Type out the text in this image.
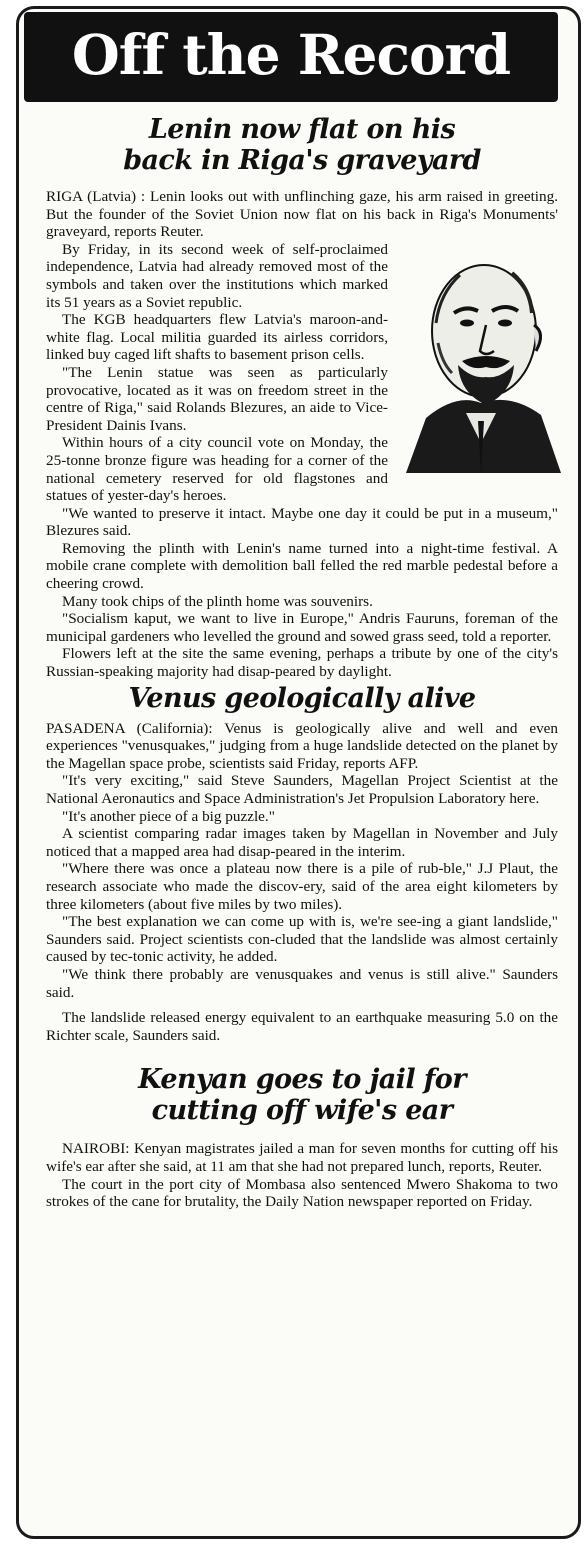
Off the Record
Lenin now flat on his
back in Riga's graveyard

RIGA (Latvia) : Lenin looks out with unflinching gaze, his arm raised in greeting. But the founder of the Soviet Union now flat on his back in Riga's Monuments' graveyard, reports Reuter.

By Friday, in its second week of self-proclaimed independence, Latvia had already removed most of the symbols and taken over the institutions which marked its 51 years as a Soviet republic.

The KGB headquarters flew Latvia's maroon-and-white flag. Local militia guarded its airless corridors, linked buy caged lift shafts to basement prison cells.

"The Lenin statue was seen as particularly provocative, located as it was on freedom street in the centre of Riga," said Rolands Blezures, an aide to Vice-President Dainis Ivans.

Within hours of a city council vote on Monday, the 25-tonne bronze figure was heading for a corner of the national cemetery reserved for old flagstones and statues of yester-day's heroes.

"We wanted to preserve it intact. Maybe one day it could be put in a museum," Blezures said.

Removing the plinth with Lenin's name turned into a night-time festival. A mobile crane complete with demolition ball felled the red marble pedestal before a cheering crowd.

Many took chips of the plinth home was souvenirs.

"Socialism kaput, we want to live in Europe," Andris Fauruns, foreman of the municipal gardeners who levelled the ground and sowed grass seed, told a reporter.

Flowers left at the site the same evening, perhaps a tribute by one of the city's Russian-speaking majority had disap-peared by daylight.

Venus geologically alive

PASADENA (California): Venus is geologically alive and well and even experiences "venusquakes," judging from a huge landslide detected on the planet by the Magellan space probe, scientists said Friday, reports AFP.

"It's very exciting," said Steve Saunders, Magellan Project Scientist at the National Aeronautics and Space Administration's Jet Propulsion Laboratory here.

"It's another piece of a big puzzle."

A scientist comparing radar images taken by Magellan in November and July noticed that a mapped area had disap-peared in the interim.

"Where there was once a plateau now there is a pile of rub-ble," J.J Plaut, the research associate who made the discov-ery, said of the area eight kilometers by three kilometers (about five miles by two miles).

"The best explanation we can come up with is, we're see-ing a giant landslide," Saunders said. Project scientists con-cluded that the landslide was almost certainly caused by tec-tonic activity, he added.

"We think there probably are venusquakes and venus is still alive." Saunders said.

The landslide released energy equivalent to an earthquake measuring 5.0 on the Richter scale, Saunders said.

Kenyan goes to jail for
cutting off wife's ear

NAIROBI: Kenyan magistrates jailed a man for seven months for cutting off his wife's ear after she said, at 11 am that she had not prepared lunch, reports, Reuter.

The court in the port city of Mombasa also sentenced Mwero Shakoma to two strokes of the cane for brutality, the Daily Nation newspaper reported on Friday.
